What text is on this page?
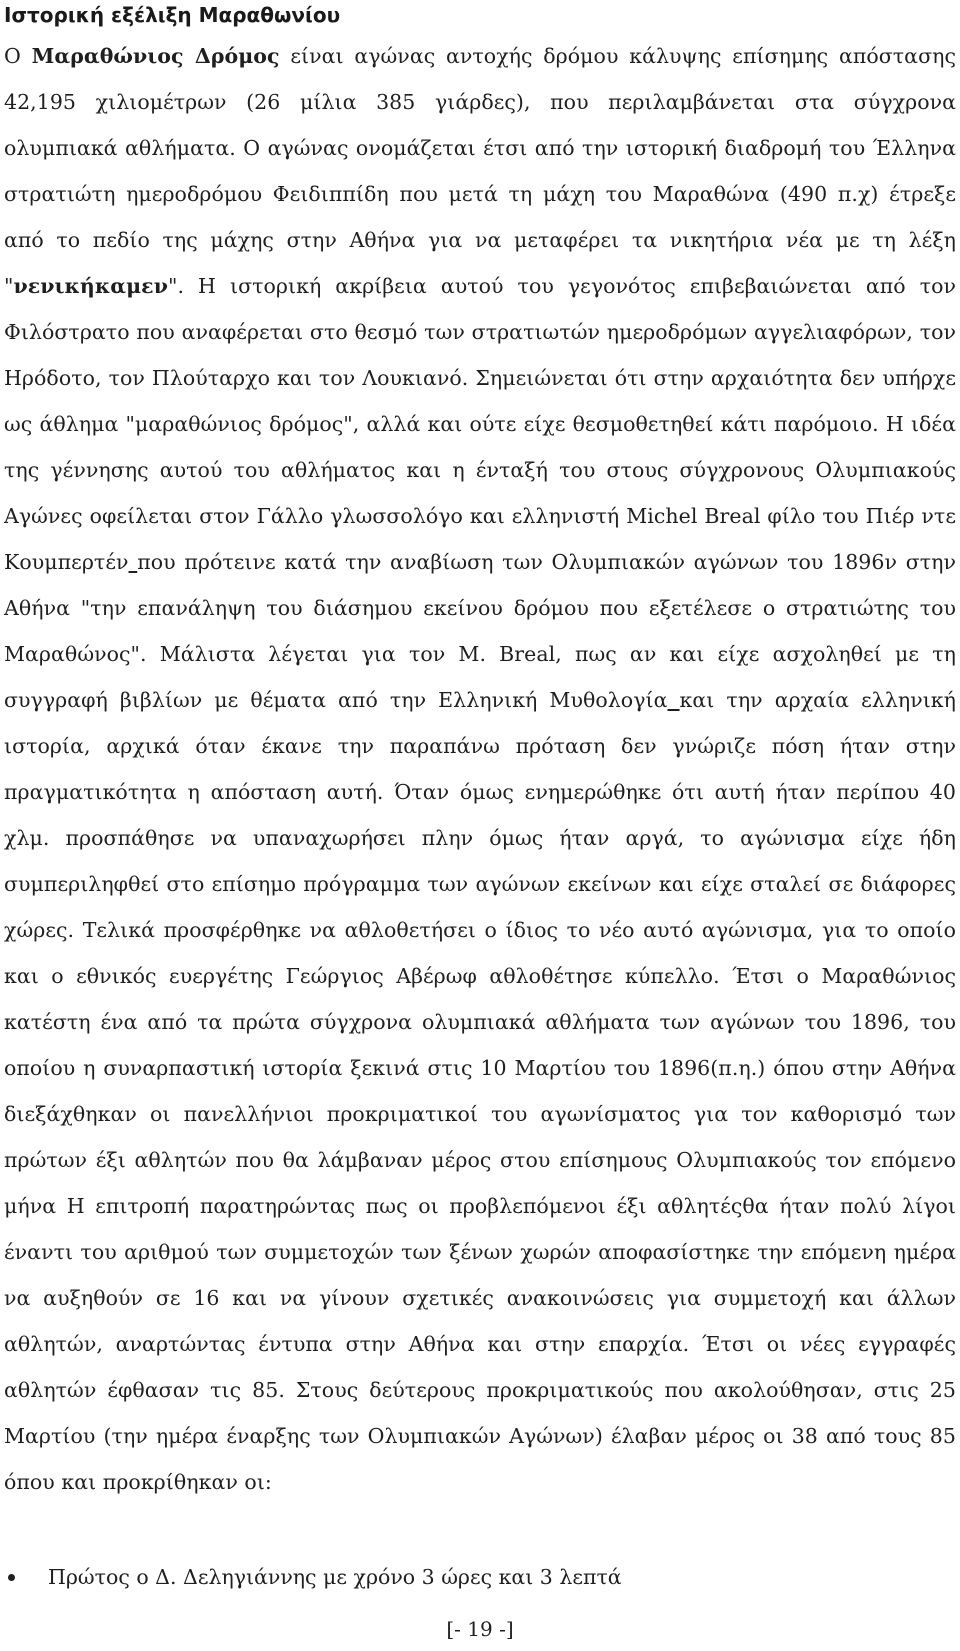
Ιστορική εξέλιξη Μαραθωνίου

Ο Μαραθώνιος Δρόμος είναι αγώνας αντοχής δρόμου κάλυψης επίσημης απόστασης 42,195 χιλιομέτρων (26 μίλια 385 γιάρδες), που περιλαμβάνεται στα σύγχρονα ολυμπιακά αθλήματα. Ο αγώνας ονομάζεται έτσι από την ιστορική διαδρομή του Έλληνα στρατιώτη ημεροδρόμου Φειδιππίδη που μετά τη μάχη του Μαραθώνα (490 π.χ) έτρεξε από το πεδίο της μάχης στην Αθήνα για να μεταφέρει τα νικητήρια νέα με τη λέξη "νενικήκαμεν". Η ιστορική ακρίβεια αυτού του γεγονότος επιβεβαιώνεται από τον Φιλόστρατο που αναφέρεται στο θεσμό των στρατιωτών ημεροδρόμων αγγελιαφόρων, τον Ηρόδοτο, τον Πλούταρχο και τον Λουκιανό. Σημειώνεται ότι στην αρχαιότητα δεν υπήρχε ως άθλημα "μαραθώνιος δρόμος", αλλά και ούτε είχε θεσμοθετηθεί κάτι παρόμοιο. Η ιδέα της γέννησης αυτού του αθλήματος και η ένταξή του στους σύγχρονους Ολυμπιακούς Αγώνες οφείλεται στον Γάλλο γλωσσολόγο και ελληνιστή Michel Breal φίλο του Πιέρ ντε Κουμπερτέν που πρότεινε κατά την αναβίωση των Ολυμπιακών αγώνων του 1896ν στην Αθήνα "την επανάληψη του διάσημου εκείνου δρόμου που εξετέλεσε ο στρατιώτης του Μαραθώνος". Μάλιστα λέγεται για τον Μ. Breal, πως αν και είχε ασχοληθεί με τη συγγραφή βιβλίων με θέματα από την Ελληνική Μυθολογία και την αρχαία ελληνική ιστορία, αρχικά όταν έκανε την παραπάνω πρόταση δεν γνώριζε πόση ήταν στην πραγματικότητα η απόσταση αυτή. Όταν όμως ενημερώθηκε ότι αυτή ήταν περίπου 40 χλμ. προσπάθησε να υπαναχωρήσει πλην όμως ήταν αργά, το αγώνισμα είχε ήδη συμπεριληφθεί στο επίσημο πρόγραμμα των αγώνων εκείνων και είχε σταλεί σε διάφορες χώρες. Τελικά προσφέρθηκε να αθλοθετήσει ο ίδιος το νέο αυτό αγώνισμα, για το οποίο και ο εθνικός ευεργέτης Γεώργιος Αβέρωφ αθλοθέτησε κύπελλο. Έτσι ο Μαραθώνιος κατέστη ένα από τα πρώτα σύγχρονα ολυμπιακά αθλήματα των αγώνων του 1896, του οποίου η συναρπαστική ιστορία ξεκινά στις 10 Μαρτίου του 1896(π.η.) όπου στην Αθήνα διεξάχθηκαν οι πανελλήνιοι προκριματικοί του αγωνίσματος για τον καθορισμό των πρώτων έξι αθλητών που θα λάμβαναν μέρος στου επίσημους Ολυμπιακούς τον επόμενο μήνα Η επιτροπή παρατηρώντας πως οι προβλεπόμενοι έξι αθλητέςθα ήταν πολύ λίγοι έναντι του αριθμού των συμμετοχών των ξένων χωρών αποφασίστηκε την επόμενη ημέρα να αυξηθούν σε 16 και να γίνουν σχετικές ανακοινώσεις για συμμετοχή και άλλων αθλητών, αναρτώντας έντυπα στην Αθήνα και στην επαρχία. Έτσι οι νέες εγγραφές αθλητών έφθασαν τις 85. Στους δεύτερους προκριματικούς που ακολούθησαν, στις 25 Μαρτίου (την ημέρα έναρξης των Ολυμπιακών Αγώνων) έλαβαν μέρος οι 38 από τους 85 όπου και προκρίθηκαν οι:

Πρώτος ο Δ. Δεληγιάννης με χρόνο 3 ώρες και 3 λεπτά
[- 19 -]
